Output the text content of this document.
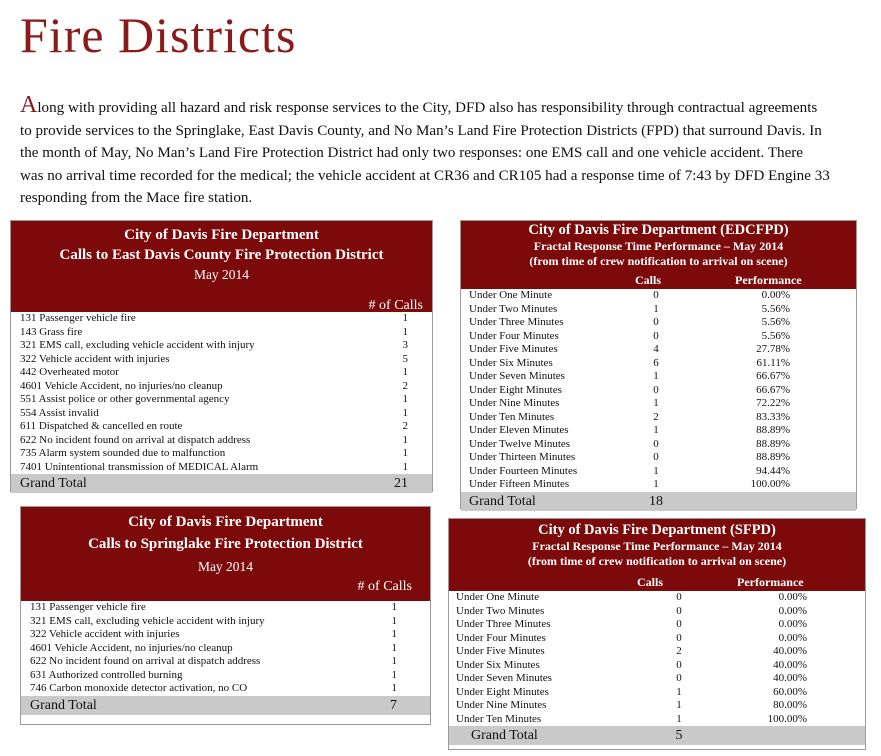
Fire Districts

Along with providing all hazard and risk response services to the City, DFD also has responsibility through contractual agreements to provide services to the Springlake, East Davis County, and No Man’s Land Fire Protection Districts (FPD) that surround Davis. In the month of May, No Man’s Land Fire Protection District had only two responses: one EMS call and one vehicle accident. There was no arrival time recorded for the medical; the vehicle accident at CR36 and CR105 had a response time of 7:43 by DFD Engine 33 responding from the Mace fire station.

City of Davis Fire Department
Calls to East Davis County Fire Protection District
May 2014
# of Calls
131 Passenger vehicle fire	1
143 Grass fire	1
321 EMS call, excluding vehicle accident with injury	3
322 Vehicle accident with injuries	5
442 Overheated motor	1
4601 Vehicle Accident, no injuries/no cleanup	2
551 Assist police or other governmental agency	1
554 Assist invalid	1
611 Dispatched & cancelled en route	2
622 No incident found on arrival at dispatch address	1
735 Alarm system sounded due to malfunction	1
7401 Unintentional transmission of MEDICAL Alarm	1
Grand Total	21
City of Davis Fire Department (EDCFPD)
Fractal Response Time Performance – May 2014
(from time of crew notification to arrival on scene)
Calls	Performance
Under One Minute	0	0.00%
Under Two Minutes	1	5.56%
Under Three Minutes	0	5.56%
Under Four Minutes	0	5.56%
Under Five Minutes	4	27.78%
Under Six Minutes	6	61.11%
Under Seven Minutes	1	66.67%
Under Eight Minutes	0	66.67%
Under Nine Minutes	1	72.22%
Under Ten Minutes	2	83.33%
Under Eleven Minutes	1	88.89%
Under Twelve Minutes	0	88.89%
Under Thirteen Minutes	0	88.89%
Under Fourteen Minutes	1	94.44%
Under Fifteen Minutes	1	100.00%
Grand Total	18	
City of Davis Fire Department
Calls to Springlake Fire Protection District
May 2014
# of Calls
131 Passenger vehicle fire	1
321 EMS call, excluding vehicle accident with injury	1
322 Vehicle accident with injuries	1
4601 Vehicle Accident, no injuries/no cleanup	1
622 No incident found on arrival at dispatch address	1
631 Authorized controlled burning	1
746 Carbon monoxide detector activation, no CO	1
Grand Total	7
City of Davis Fire Department (SFPD)
Fractal Response Time Performance – May 2014
(from time of crew notification to arrival on scene)
Calls	Performance
Under One Minute	0	0.00%
Under Two Minutes	0	0.00%
Under Three Minutes	0	0.00%
Under Four Minutes	0	0.00%
Under Five Minutes	2	40.00%
Under Six Minutes	0	40.00%
Under Seven Minutes	0	40.00%
Under Eight Minutes	1	60.00%
Under Nine Minutes	1	80.00%
Under Ten Minutes	1	100.00%
Grand Total	5	
